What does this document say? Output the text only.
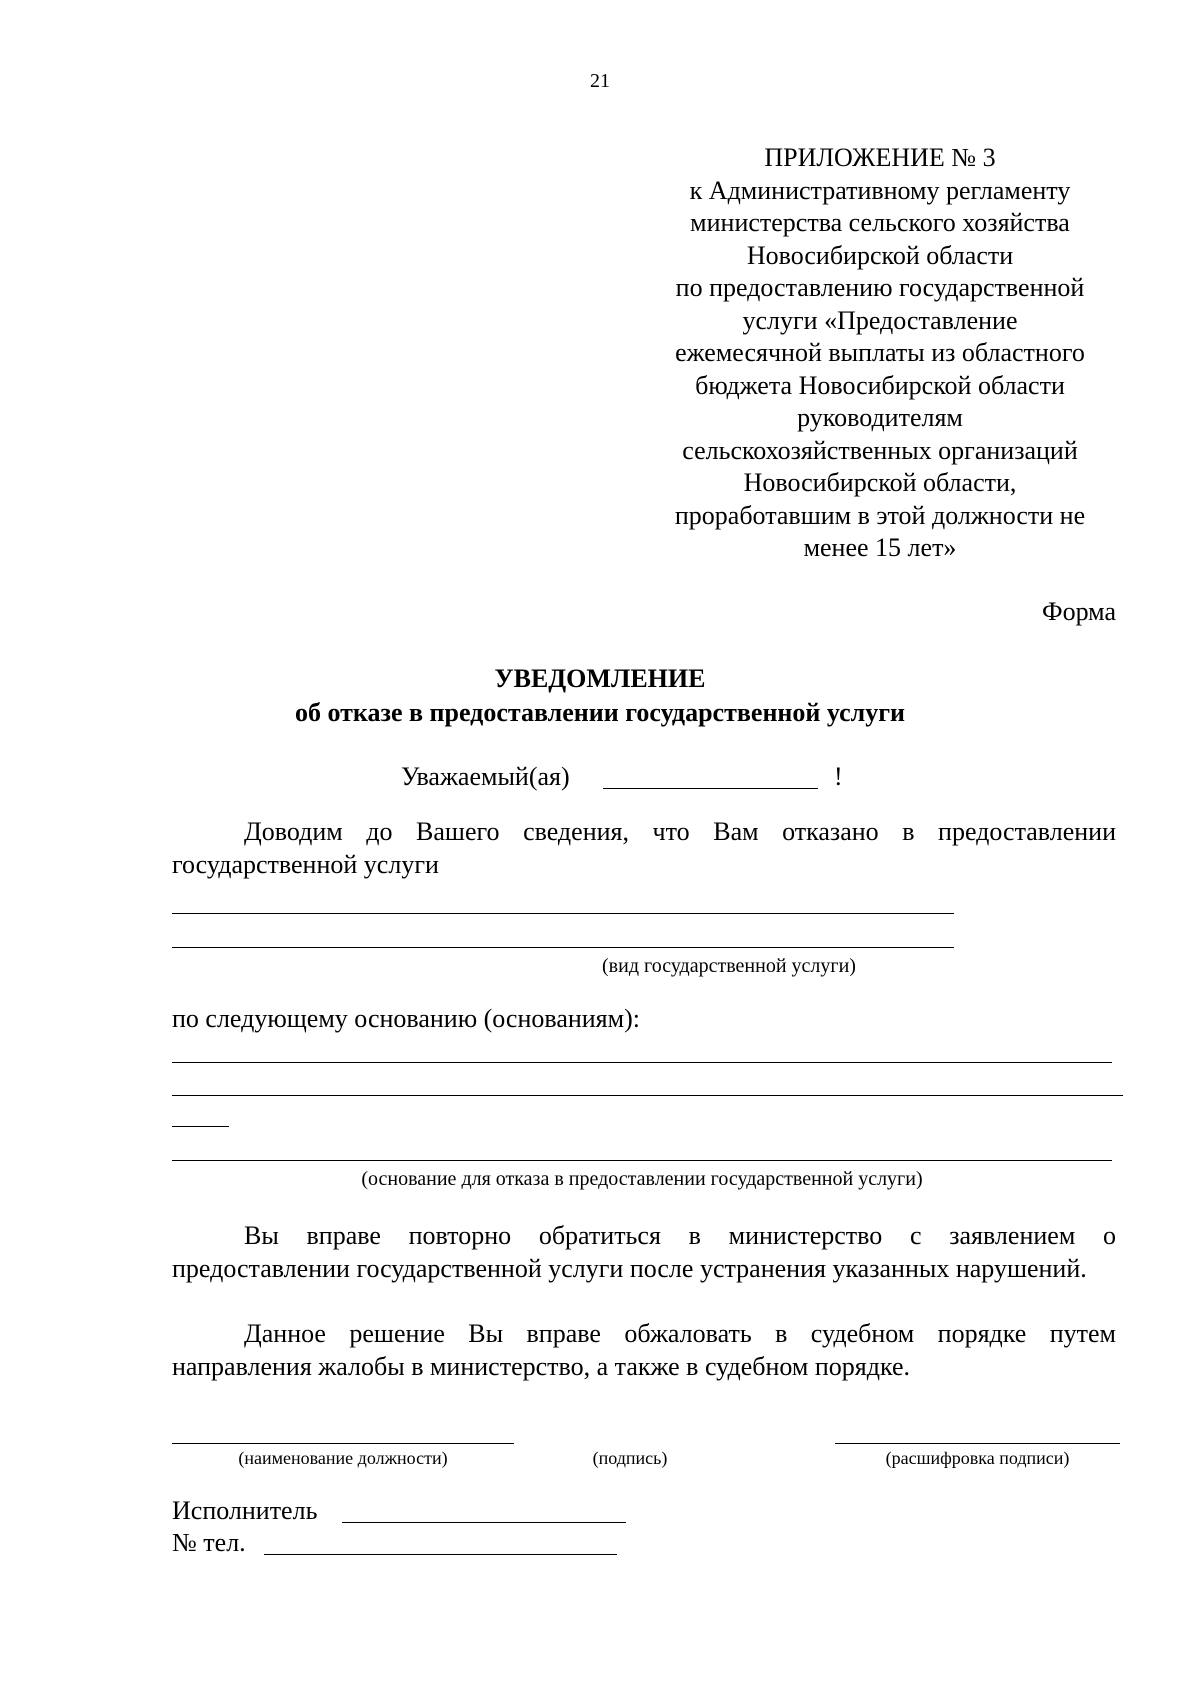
21
ПРИЛОЖЕНИЕ № 3
к Административному регламенту
министерства сельского хозяйства
Новосибирской области
по предоставлению государственной
услуги «Предоставление
ежемесячной выплаты из областного
бюджета Новосибирской области
руководителям
сельскохозяйственных организаций
Новосибирской области,
проработавшим в этой должности не
менее 15 лет»
Форма
УВЕДОМЛЕНИЕ
об отказе в предоставлении государственной услуги
Уважаемый(ая)	!
Доводим до Вашего сведения, что Вам отказано в предоставлении государственной услуги
(вид государственной услуги)
по следующему основанию (основаниям):
(основание для отказа в предоставлении государственной услуги)
Вы вправе повторно обратиться в министерство с заявлением о предоставлении государственной услуги после устранения указанных нарушений.
Данное решение Вы вправе обжаловать в судебном порядке путем направления жалобы в министерство, а также в судебном порядке.
(наименование должности)	(подпись)	(расшифровка подписи)
Исполнитель
№ тел.
